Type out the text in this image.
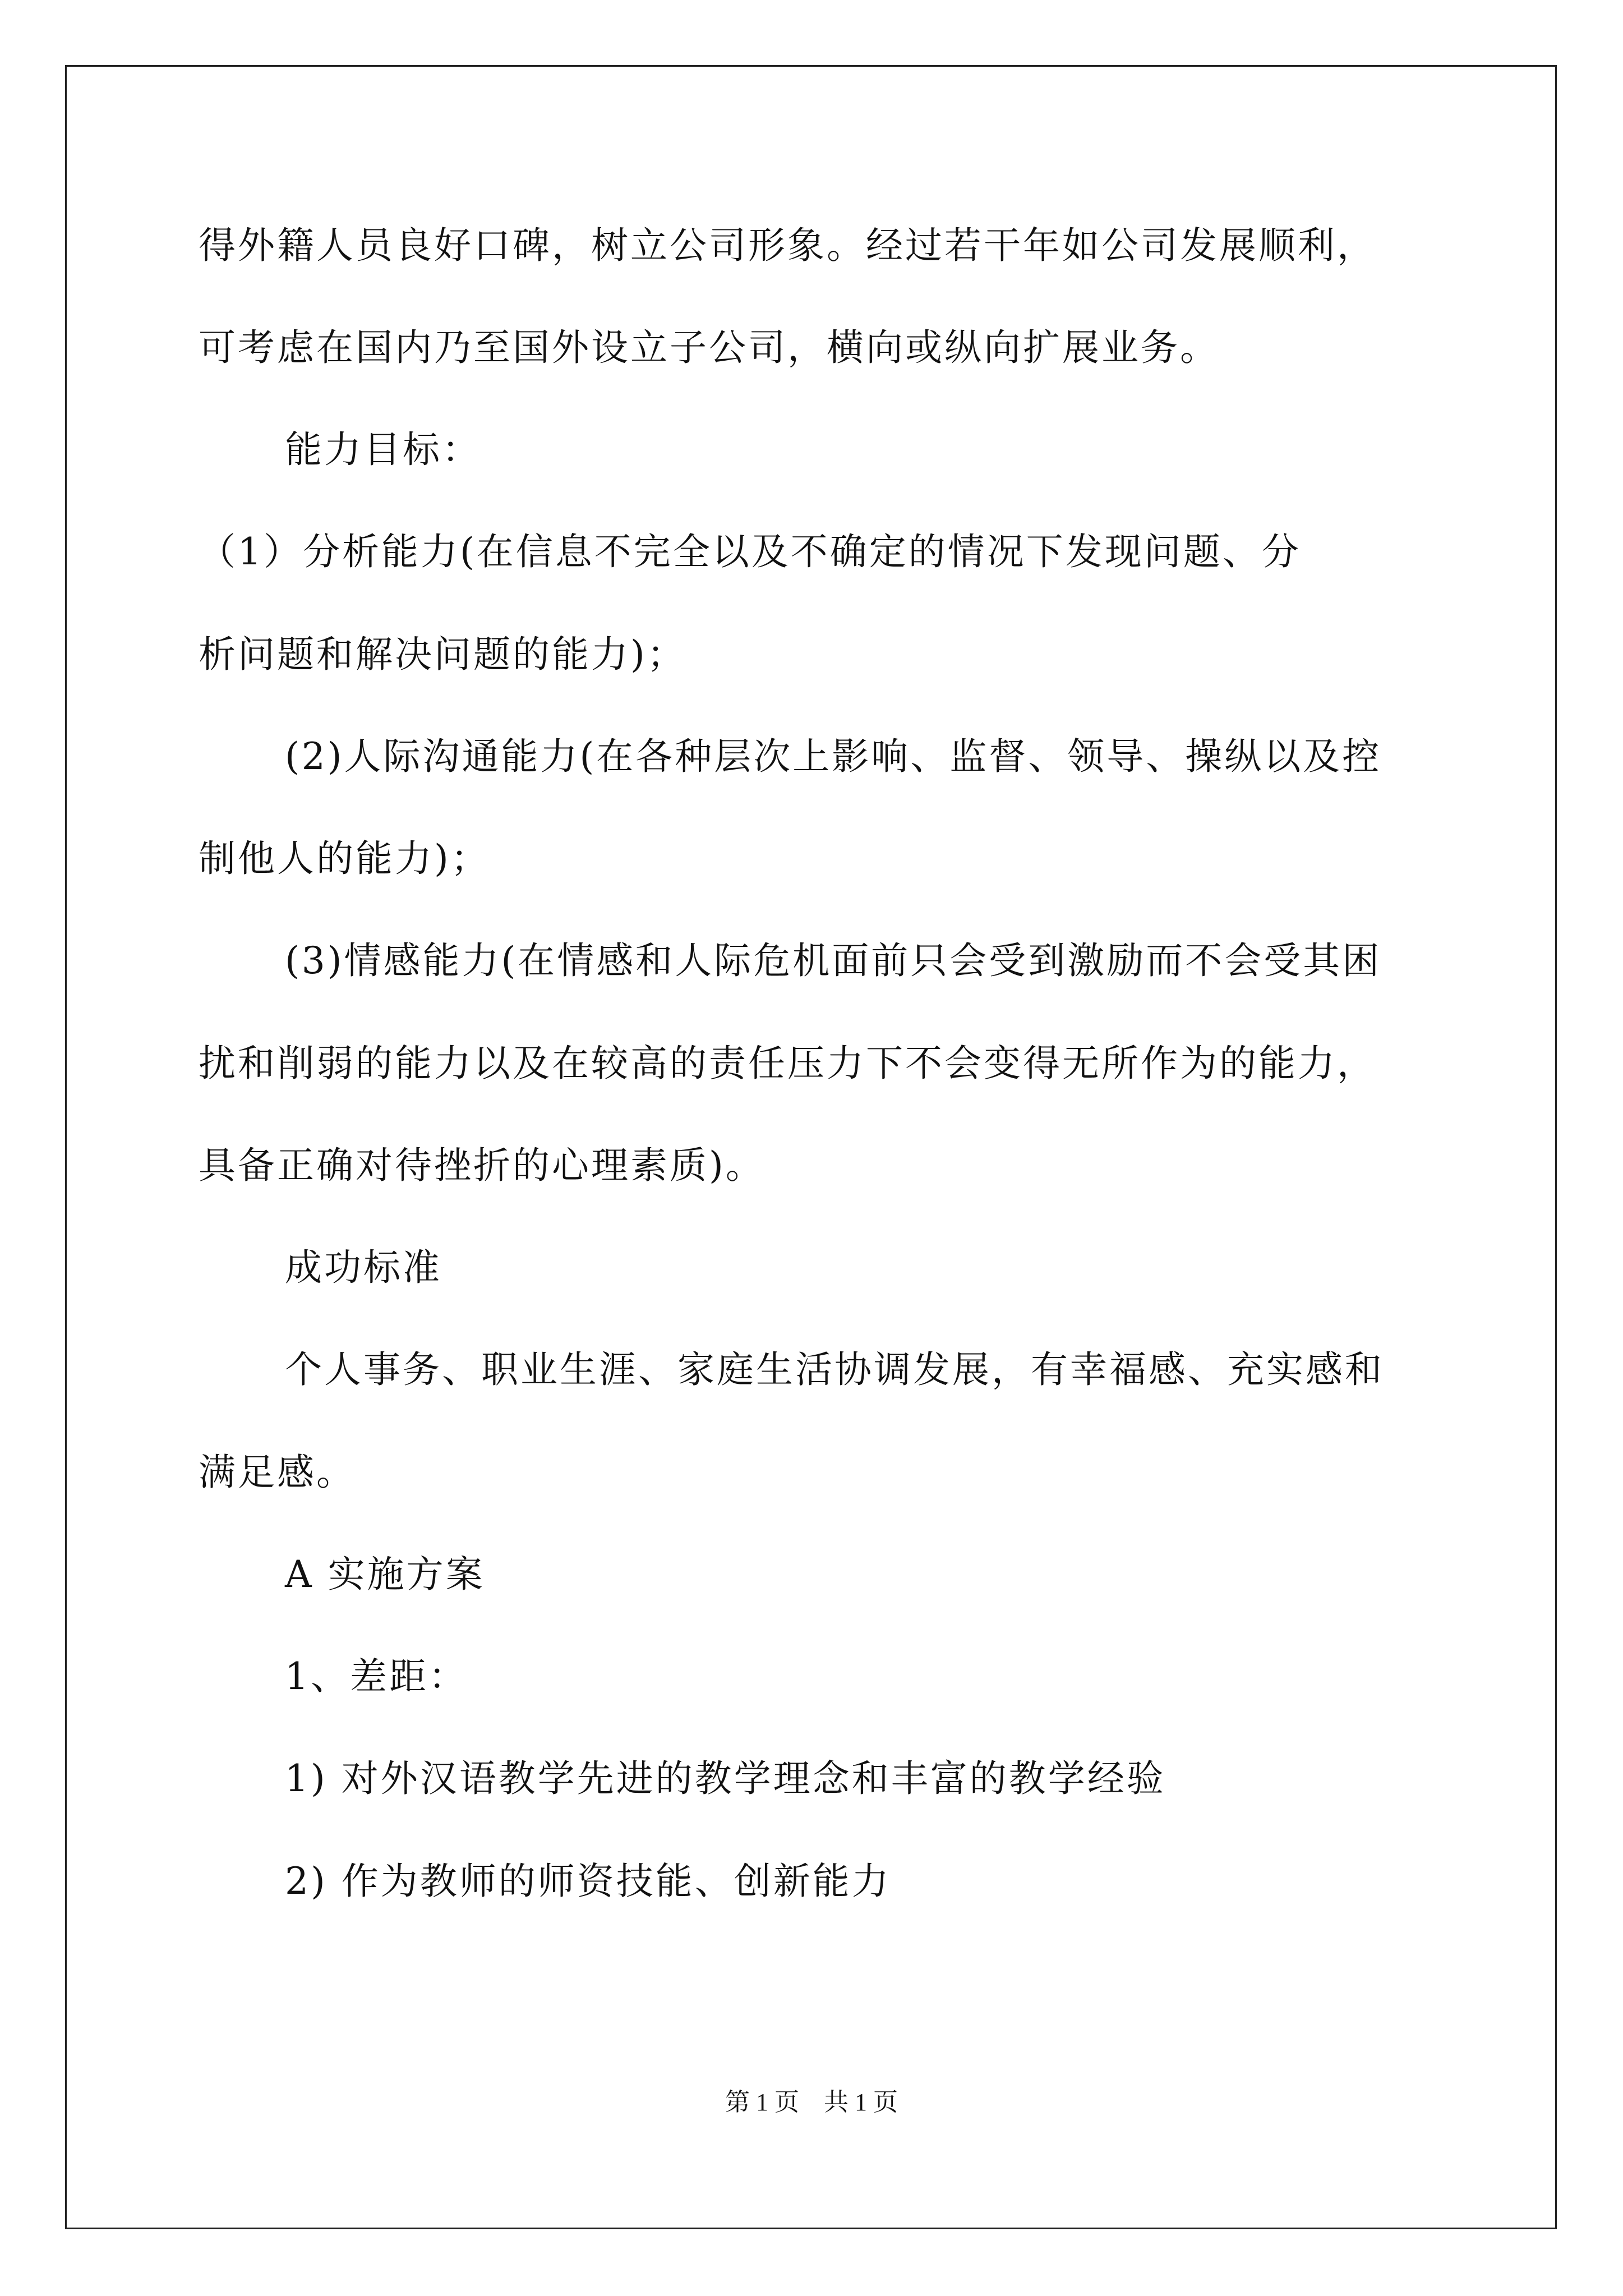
得外籍人员良好口碑，树立公司形象。经过若干年如公司发展顺利，
可考虑在国内乃至国外设立子公司，横向或纵向扩展业务。
能力目标：
（1）分析能力(在信息不完全以及不确定的情况下发现问题、分
析问题和解决问题的能力)；
(2)人际沟通能力(在各种层次上影响、监督、领导、操纵以及控
制他人的能力)；
(3)情感能力(在情感和人际危机面前只会受到激励而不会受其困
扰和削弱的能力以及在较高的责任压力下不会变得无所作为的能力，
具备正确对待挫折的心理素质)。
成功标准
个人事务、职业生涯、家庭生活协调发展，有幸福感、充实感和
满足感。
A 实施方案
1、差距：
1) 对外汉语教学先进的教学理念和丰富的教学经验
2) 作为教师的师资技能、创新能力
第 1 页　共 1 页
